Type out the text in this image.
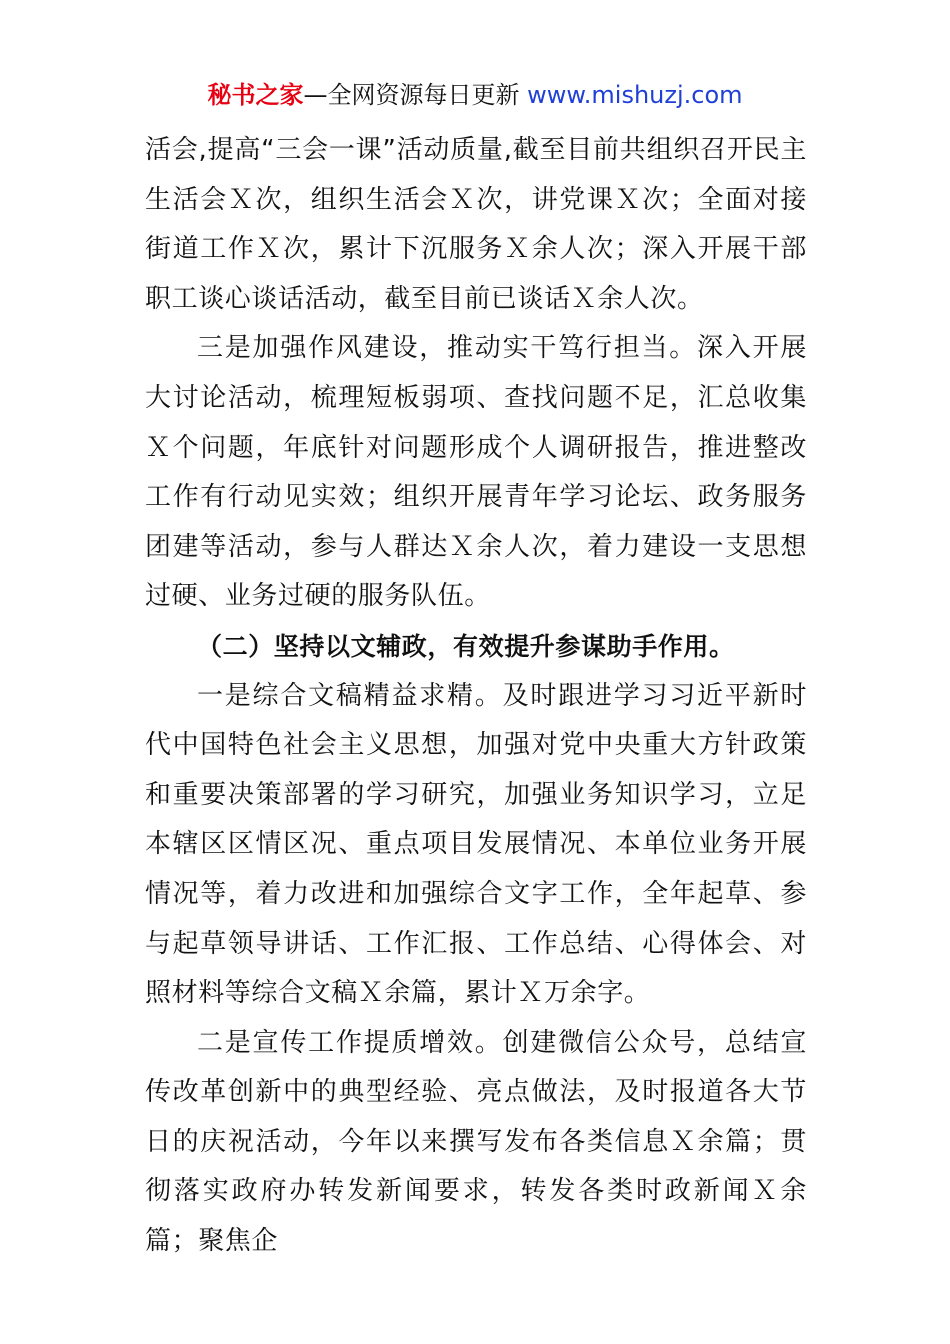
秘书之家—全网资源每日更新 www.mishuzj.com

活会,提高“三会一课”活动质量,截至目前共组织召开民主生活会Ｘ次，组织生活会Ｘ次，讲党课Ｘ次；全面对接街道工作Ｘ次，累计下沉服务Ｘ余人次；深入开展干部职工谈心谈话活动，截至目前已谈话Ｘ余人次。

三是加强作风建设，推动实干笃行担当。深入开展大讨论活动，梳理短板弱项、查找问题不足，汇总收集Ｘ个问题，年底针对问题形成个人调研报告，推进整改工作有行动见实效；组织开展青年学习论坛、政务服务团建等活动，参与人群达Ｘ余人次，着力建设一支思想过硬、业务过硬的服务队伍。

（二）坚持以文辅政，有效提升参谋助手作用。

一是综合文稿精益求精。及时跟进学习习近平新时代中国特色社会主义思想，加强对党中央重大方针政策和重要决策部署的学习研究，加强业务知识学习，立足本辖区区情区况、重点项目发展情况、本单位业务开展情况等，着力改进和加强综合文字工作，全年起草、参与起草领导讲话、工作汇报、工作总结、心得体会、对照材料等综合文稿Ｘ余篇，累计Ｘ万余字。

二是宣传工作提质增效。创建微信公众号，总结宣传改革创新中的典型经验、亮点做法，及时报道各大节日的庆祝活动，今年以来撰写发布各类信息Ｘ余篇；贯彻落实政府办转发新闻要求，转发各类时政新闻Ｘ余篇；聚焦企
